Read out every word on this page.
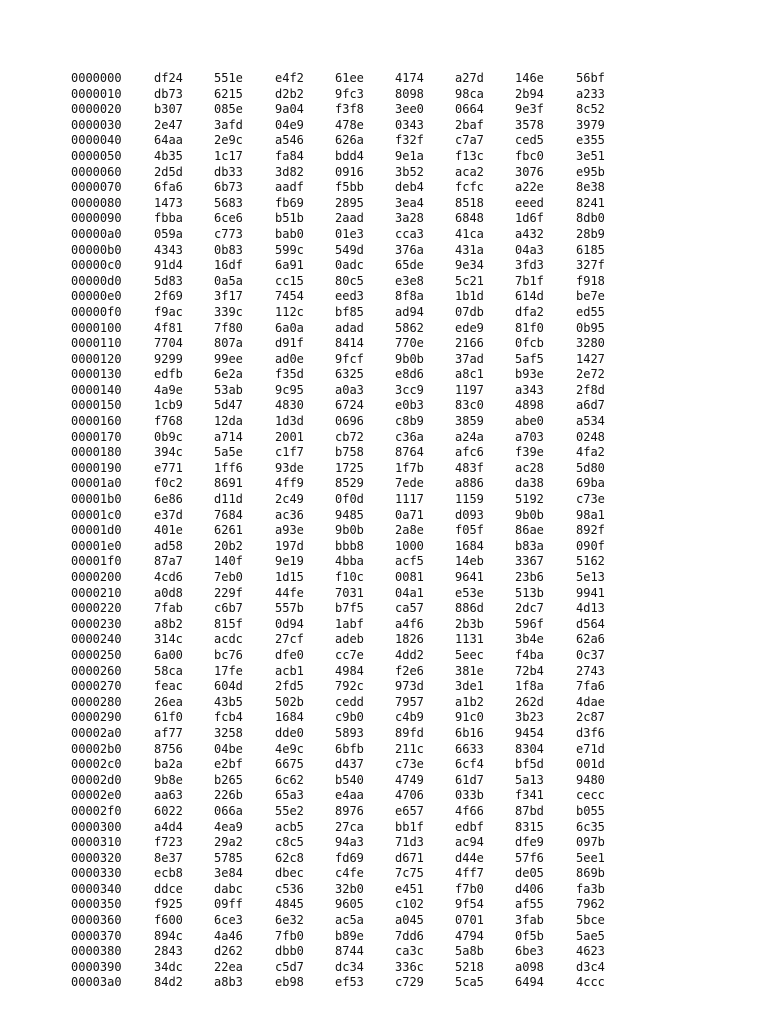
0000000	df24	551e	e4f2	61ee	4174	a27d	146e	56bf
0000010	db73	6215	d2b2	9fc3	8098	98ca	2b94	a233
0000020	b307	085e	9a04	f3f8	3ee0	0664	9e3f	8c52
0000030	2e47	3afd	04e9	478e	0343	2baf	3578	3979
0000040	64aa	2e9c	a546	626a	f32f	c7a7	ced5	e355
0000050	4b35	1c17	fa84	bdd4	9e1a	f13c	fbc0	3e51
0000060	2d5d	db33	3d82	0916	3b52	aca2	3076	e95b
0000070	6fa6	6b73	aadf	f5bb	deb4	fcfc	a22e	8e38
0000080	1473	5683	fb69	2895	3ea4	8518	eeed	8241
0000090	fbba	6ce6	b51b	2aad	3a28	6848	1d6f	8db0
00000a0	059a	c773	bab0	01e3	cca3	41ca	a432	28b9
00000b0	4343	0b83	599c	549d	376a	431a	04a3	6185
00000c0	91d4	16df	6a91	0adc	65de	9e34	3fd3	327f
00000d0	5d83	0a5a	cc15	80c5	e3e8	5c21	7b1f	f918
00000e0	2f69	3f17	7454	eed3	8f8a	1b1d	614d	be7e
00000f0	f9ac	339c	112c	bf85	ad94	07db	dfa2	ed55
0000100	4f81	7f80	6a0a	adad	5862	ede9	81f0	0b95
0000110	7704	807a	d91f	8414	770e	2166	0fcb	3280
0000120	9299	99ee	ad0e	9fcf	9b0b	37ad	5af5	1427
0000130	edfb	6e2a	f35d	6325	e8d6	a8c1	b93e	2e72
0000140	4a9e	53ab	9c95	a0a3	3cc9	1197	a343	2f8d
0000150	1cb9	5d47	4830	6724	e0b3	83c0	4898	a6d7
0000160	f768	12da	1d3d	0696	c8b9	3859	abe0	a534
0000170	0b9c	a714	2001	cb72	c36a	a24a	a703	0248
0000180	394c	5a5e	c1f7	b758	8764	afc6	f39e	4fa2
0000190	e771	1ff6	93de	1725	1f7b	483f	ac28	5d80
00001a0	f0c2	8691	4ff9	8529	7ede	a886	da38	69ba
00001b0	6e86	d11d	2c49	0f0d	1117	1159	5192	c73e
00001c0	e37d	7684	ac36	9485	0a71	d093	9b0b	98a1
00001d0	401e	6261	a93e	9b0b	2a8e	f05f	86ae	892f
00001e0	ad58	20b2	197d	bbb8	1000	1684	b83a	090f
00001f0	87a7	140f	9e19	4bba	acf5	14eb	3367	5162
0000200	4cd6	7eb0	1d15	f10c	0081	9641	23b6	5e13
0000210	a0d8	229f	44fe	7031	04a1	e53e	513b	9941
0000220	7fab	c6b7	557b	b7f5	ca57	886d	2dc7	4d13
0000230	a8b2	815f	0d94	1abf	a4f6	2b3b	596f	d564
0000240	314c	acdc	27cf	adeb	1826	1131	3b4e	62a6
0000250	6a00	bc76	dfe0	cc7e	4dd2	5eec	f4ba	0c37
0000260	58ca	17fe	acb1	4984	f2e6	381e	72b4	2743
0000270	feac	604d	2fd5	792c	973d	3de1	1f8a	7fa6
0000280	26ea	43b5	502b	cedd	7957	a1b2	262d	4dae
0000290	61f0	fcb4	1684	c9b0	c4b9	91c0	3b23	2c87
00002a0	af77	3258	dde0	5893	89fd	6b16	9454	d3f6
00002b0	8756	04be	4e9c	6bfb	211c	6633	8304	e71d
00002c0	ba2a	e2bf	6675	d437	c73e	6cf4	bf5d	001d
00002d0	9b8e	b265	6c62	b540	4749	61d7	5a13	9480
00002e0	aa63	226b	65a3	e4aa	4706	033b	f341	cecc
00002f0	6022	066a	55e2	8976	e657	4f66	87bd	b055
0000300	a4d4	4ea9	acb5	27ca	bb1f	edbf	8315	6c35
0000310	f723	29a2	c8c5	94a3	71d3	ac94	dfe9	097b
0000320	8e37	5785	62c8	fd69	d671	d44e	57f6	5ee1
0000330	ecb8	3e84	dbec	c4fe	7c75	4ff7	de05	869b
0000340	ddce	dabc	c536	32b0	e451	f7b0	d406	fa3b
0000350	f925	09ff	4845	9605	c102	9f54	af55	7962
0000360	f600	6ce3	6e32	ac5a	a045	0701	3fab	5bce
0000370	894c	4a46	7fb0	b89e	7dd6	4794	0f5b	5ae5
0000380	2843	d262	dbb0	8744	ca3c	5a8b	6be3	4623
0000390	34dc	22ea	c5d7	dc34	336c	5218	a098	d3c4
00003a0	84d2	a8b3	eb98	ef53	c729	5ca5	6494	4ccc
